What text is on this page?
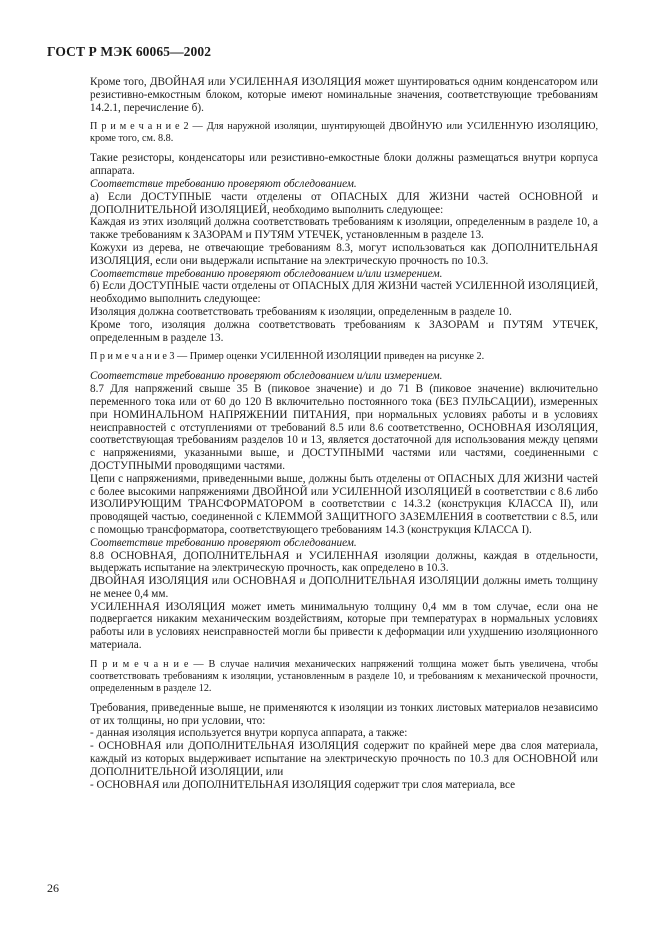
ГОСТ Р МЭК 60065—2002

Кроме того, ДВОЙНАЯ или УСИЛЕННАЯ ИЗОЛЯЦИЯ может шунтироваться одним конденсатором или резистивно-емкостным блоком, которые имеют номинальные значения, соответствующие требованиям 14.2.1, перечисление б).

П р и м е ч а н и е 2 — Для наружной изоляции, шунтирующей ДВОЙНУЮ или УСИЛЕННУЮ ИЗОЛЯЦИЮ, кроме того, см. 8.8.

Такие резисторы, конденсаторы или резистивно-емкостные блоки должны размещаться внутри корпуса аппарата.

Соответствие требованию проверяют обследованием.

а) Если ДОСТУПНЫЕ части отделены от ОПАСНЫХ ДЛЯ ЖИЗНИ частей ОСНОВНОЙ и ДОПОЛНИТЕЛЬНОЙ ИЗОЛЯЦИЕЙ, необходимо выполнить следующее:

Каждая из этих изоляций должна соответствовать требованиям к изоляции, определенным в разделе 10, а также требованиям к ЗАЗОРАМ и ПУТЯМ УТЕЧЕК, установленным в разделе 13.

Кожухи из дерева, не отвечающие требованиям 8.3, могут использоваться как ДОПОЛНИТЕЛЬНАЯ ИЗОЛЯЦИЯ, если они выдержали испытание на электрическую прочность по 10.3.

Соответствие требованию проверяют обследованием и/или измерением.

б) Если ДОСТУПНЫЕ части отделены от ОПАСНЫХ ДЛЯ ЖИЗНИ частей УСИЛЕННОЙ ИЗОЛЯЦИЕЙ, необходимо выполнить следующее:

Изоляция должна соответствовать требованиям к изоляции, определенным в разделе 10.

Кроме того, изоляция должна соответствовать требованиям к ЗАЗОРАМ и ПУТЯМ УТЕЧЕК, определенным в разделе 13.

П р и м е ч а н и е 3 — Пример оценки УСИЛЕННОЙ ИЗОЛЯЦИИ приведен на рисунке 2.

Соответствие требованию проверяют обследованием и/или измерением.

8.7 Для напряжений свыше 35 В (пиковое значение) и до 71 В (пиковое значение) включительно переменного тока или от 60 до 120 В включительно постоянного тока (БЕЗ ПУЛЬСАЦИИ), измеренных при НОМИНАЛЬНОМ НАПРЯЖЕНИИ ПИТАНИЯ, при нормальных условиях работы и в условиях неисправностей с отступлениями от требований 8.5 или 8.6 соответственно, ОСНОВНАЯ ИЗОЛЯЦИЯ, соответствующая требованиям разделов 10 и 13, является достаточной для использования между цепями с напряжениями, указанными выше, и ДОСТУПНЫМИ частями или частями, соединенными с ДОСТУПНЫМИ проводящими частями.

Цепи с напряжениями, приведенными выше, должны быть отделены от ОПАСНЫХ ДЛЯ ЖИЗНИ частей с более высокими напряжениями ДВОЙНОЙ или УСИЛЕННОЙ ИЗОЛЯЦИЕЙ в соответствии с 8.6 либо ИЗОЛИРУЮЩИМ ТРАНСФОРМАТОРОМ в соответствии с 14.3.2 (конструкция КЛАССА II), или проводящей частью, соединенной с КЛЕММОЙ ЗАЩИТНОГО ЗАЗЕМЛЕНИЯ в соответствии с 8.5, или с помощью трансформатора, соответствующего требованиям 14.3 (конструкция КЛАССА I).

Соответствие требованию проверяют обследованием.

8.8 ОСНОВНАЯ, ДОПОЛНИТЕЛЬНАЯ и УСИЛЕННАЯ изоляции должны, каждая в отдельности, выдержать испытание на электрическую прочность, как определено в 10.3.

ДВОЙНАЯ ИЗОЛЯЦИЯ или ОСНОВНАЯ и ДОПОЛНИТЕЛЬНАЯ ИЗОЛЯЦИИ должны иметь толщину не менее 0,4 мм.

УСИЛЕННАЯ ИЗОЛЯЦИЯ может иметь минимальную толщину 0,4 мм в том случае, если она не подвергается никаким механическим воздействиям, которые при температурах в нормальных условиях работы или в условиях неисправностей могли бы привести к деформации или ухудшению изоляционного материала.

П р и м е ч а н и е — В случае наличия механических напряжений толщина может быть увеличена, чтобы соответствовать требованиям к изоляции, установленным в разделе 10, и требованиям к механической прочности, определенным в разделе 12.

Требования, приведенные выше, не применяются к изоляции из тонких листовых материалов независимо от их толщины, но при условии, что:

- данная изоляция используется внутри корпуса аппарата, а также:

- ОСНОВНАЯ или ДОПОЛНИТЕЛЬНАЯ ИЗОЛЯЦИЯ содержит по крайней мере два слоя материала, каждый из которых выдерживает испытание на электрическую прочность по 10.3 для ОСНОВНОЙ или ДОПОЛНИТЕЛЬНОЙ ИЗОЛЯЦИИ, или

- ОСНОВНАЯ или ДОПОЛНИТЕЛЬНАЯ ИЗОЛЯЦИЯ содержит три слоя материала, все

26
